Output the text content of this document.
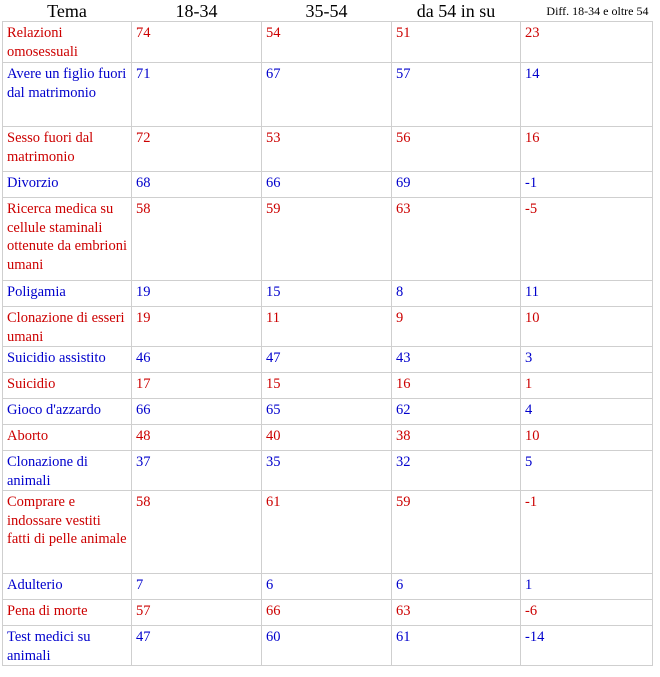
Tema	18-34	35-54	da 54 in su	Diff. 18-34 e oltre 54
Relazioni omosessuali	74	54	51	23
Avere un figlio fuori dal matrimonio	71	67	57	14
Sesso fuori dal matrimonio	72	53	56	16
Divorzio	68	66	69	-1
Ricerca medica su cellule staminali ottenute da embrioni umani	58	59	63	-5
Poligamia	19	15	8	11
Clonazione di esseri umani	19	11	9	10
Suicidio assistito	46	47	43	3
Suicidio	17	15	16	1
Gioco d'azzardo	66	65	62	4
Aborto	48	40	38	10
Clonazione di animali	37	35	32	5
Comprare e indossare vestiti fatti di pelle animale	58	61	59	-1
Adulterio	7	6	6	1
Pena di morte	57	66	63	-6
Test medici su animali	47	60	61	-14
